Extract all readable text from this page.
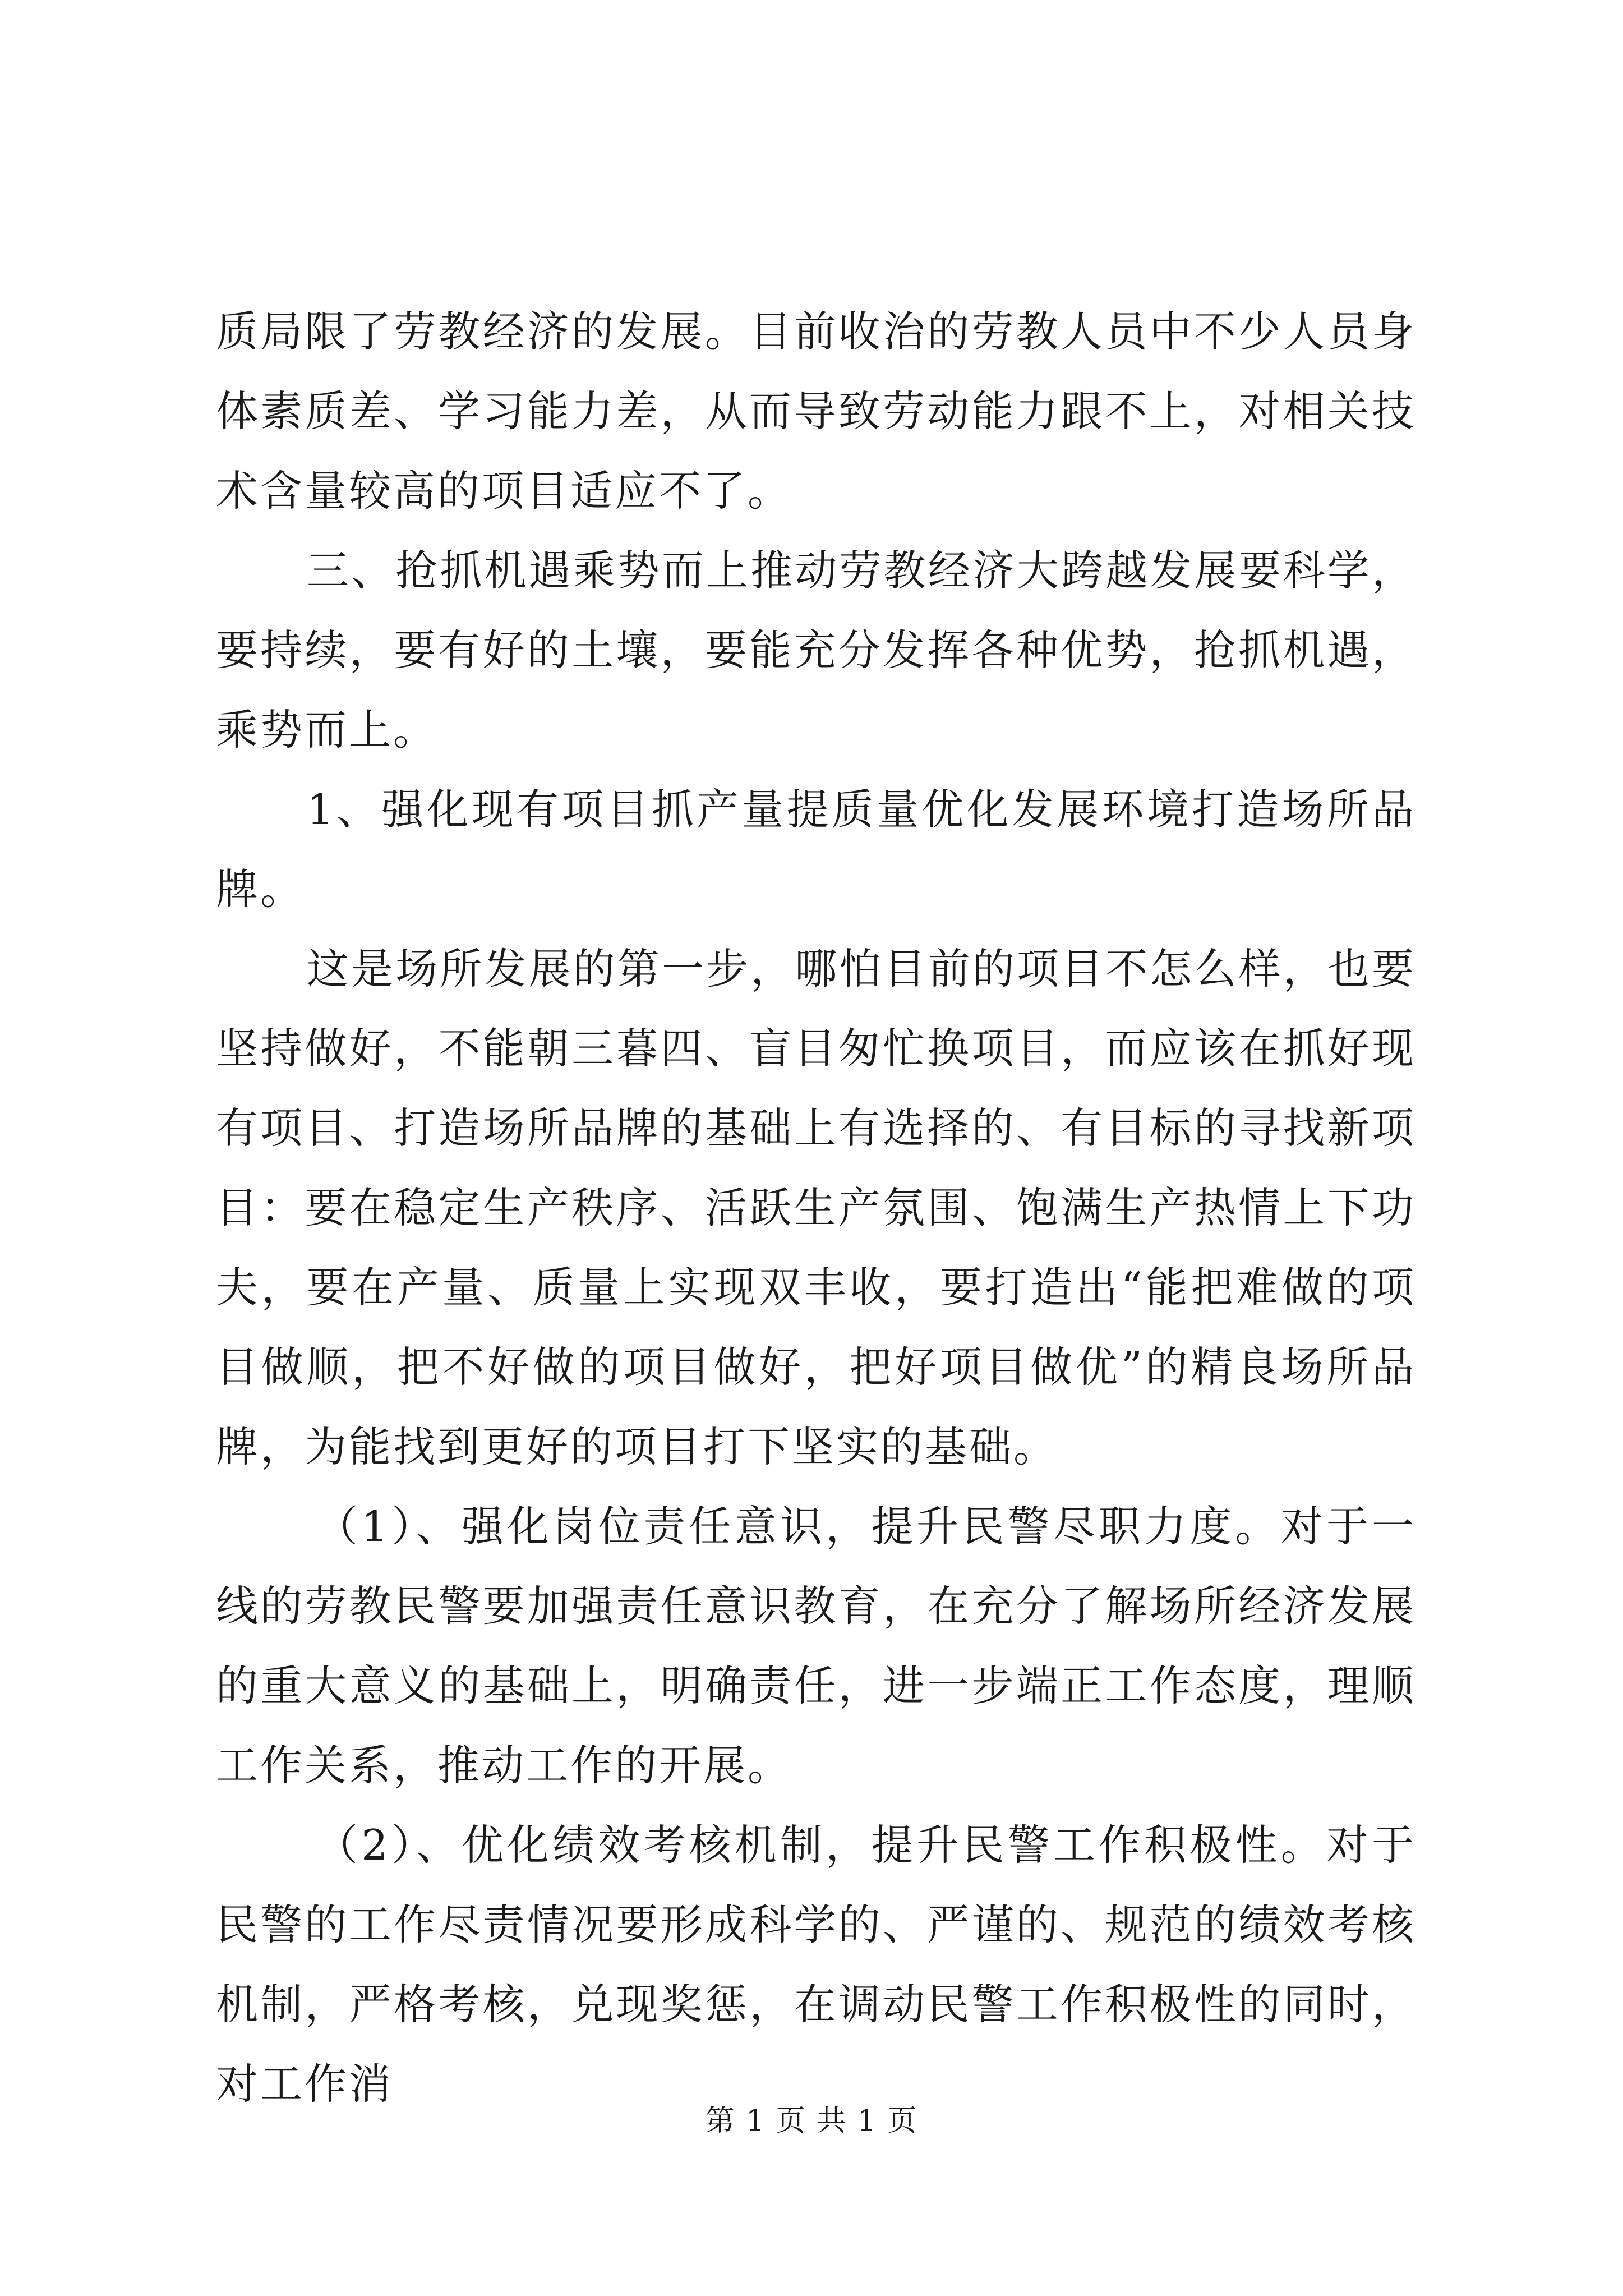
质局限了劳教经济的发展。目前收治的劳教人员中不少人员身体素质差、学习能力差，从而导致劳动能力跟不上，对相关技术含量较高的项目适应不了。

三、抢抓机遇乘势而上推动劳教经济大跨越发展要科学，要持续，要有好的土壤，要能充分发挥各种优势，抢抓机遇，乘势而上。

1、强化现有项目抓产量提质量优化发展环境打造场所品牌。

这是场所发展的第一步，哪怕目前的项目不怎么样，也要坚持做好，不能朝三暮四、盲目匆忙换项目，而应该在抓好现有项目、打造场所品牌的基础上有选择的、有目标的寻找新项目：要在稳定生产秩序、活跃生产氛围、饱满生产热情上下功夫，要在产量、质量上实现双丰收，要打造出“能把难做的项目做顺，把不好做的项目做好，把好项目做优”的精良场所品牌，为能找到更好的项目打下坚实的基础。

（1）、强化岗位责任意识，提升民警尽职力度。对于一线的劳教民警要加强责任意识教育，在充分了解场所经济发展的重大意义的基础上，明确责任，进一步端正工作态度，理顺工作关系，推动工作的开展。

（2）、优化绩效考核机制，提升民警工作积极性。对于民警的工作尽责情况要形成科学的、严谨的、规范的绩效考核机制，严格考核，兑现奖惩，在调动民警工作积极性的同时，对工作消

第 1 页 共 1 页
